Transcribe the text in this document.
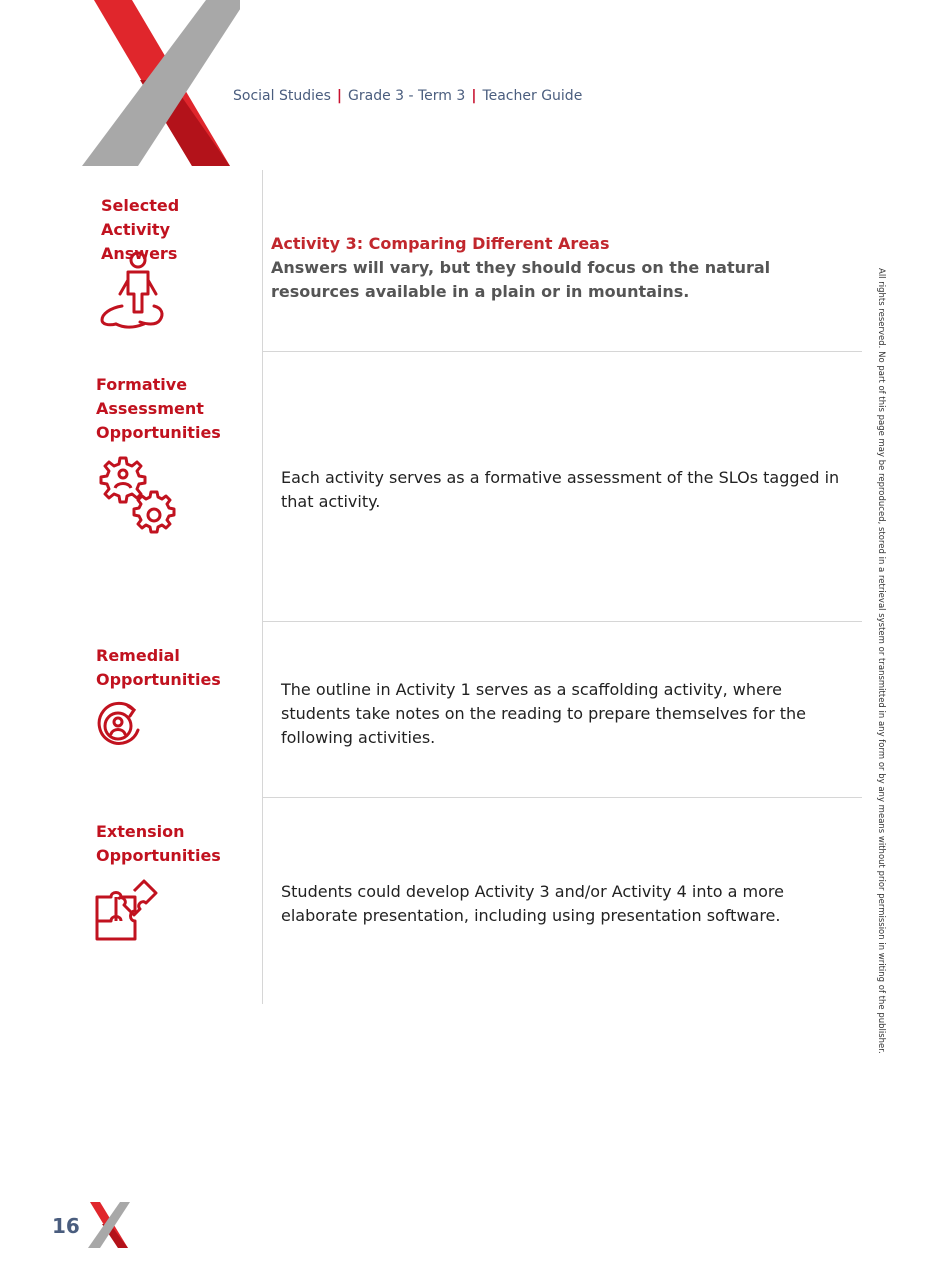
Social Studies | Grade 3 - Term 3 | Teacher Guide
Selected Activity Answers
Activity 3: Comparing Different Areas
Answers will vary, but they should focus on the natural resources available in a plain or in mountains.
Formative Assessment Opportunities
Each activity serves as a formative assessment of the SLOs tagged in that activity.
Remedial Opportunities
The outline in Activity 1 serves as a scaffolding activity, where students take notes on the reading to prepare themselves for the following activities.
Extension Opportunities
Students could develop Activity 3 and/or Activity 4 into a more elaborate presentation, including using presentation software.	All rights reserved. No part of this page may be reproduced, stored in a retrieval system or transmitted in any form or by any means without prior permission in writing of the publisher.
16
